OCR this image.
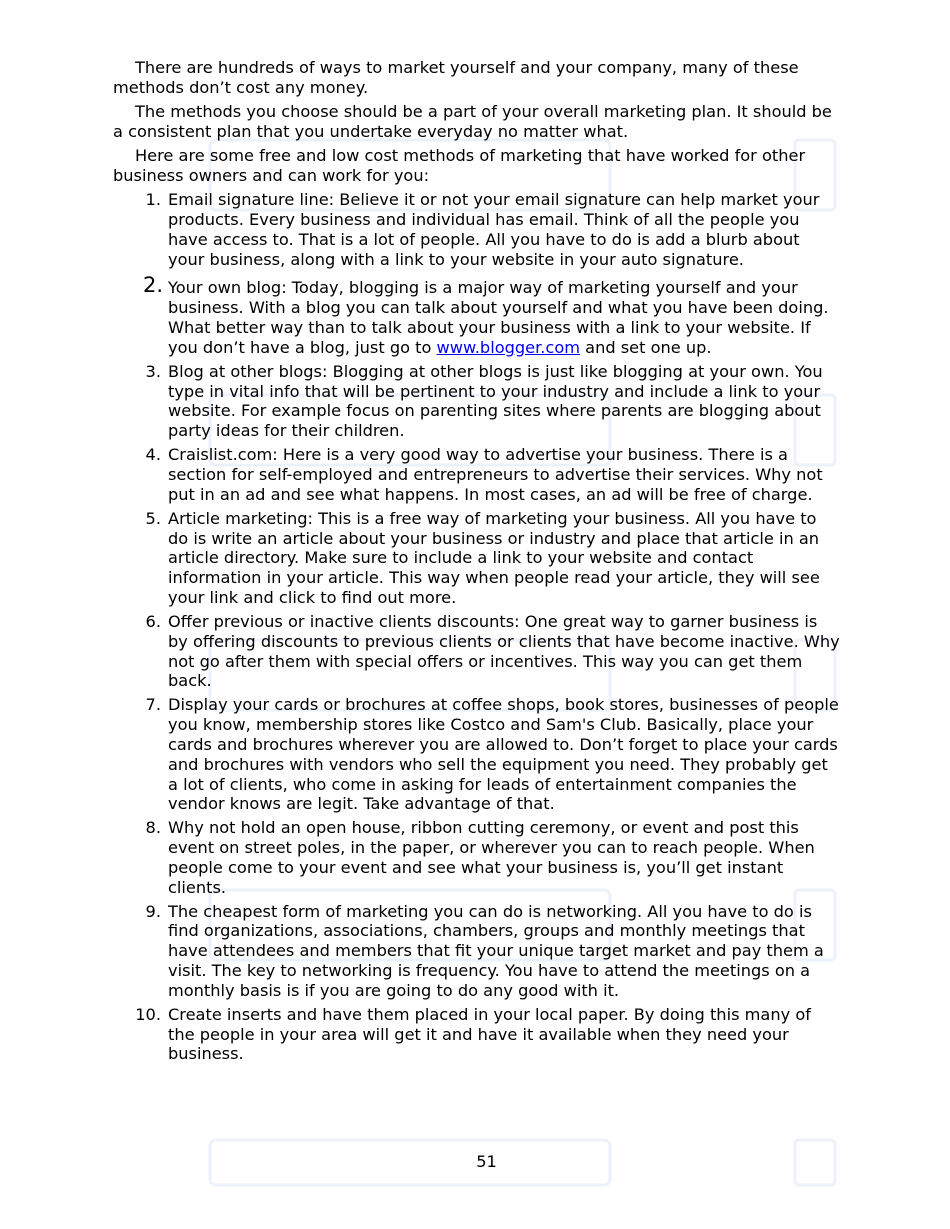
There are hundreds of ways to market yourself and your company, many of these methods don’t cost any money.

The methods you choose should be a part of your overall marketing plan. It should be a consistent plan that you undertake everyday no matter what.

Here are some free and low cost methods of marketing that have worked for other business owners and can work for you:

1. Email signature line: Believe it or not your email signature can help market your products. Every business and individual has email. Think of all the people you have access to. That is a lot of people. All you have to do is add a blurb about your business, along with a link to your website in your auto signature.
2. Your own blog: Today, blogging is a major way of marketing yourself and your business. With a blog you can talk about yourself and what you have been doing. What better way than to talk about your business with a link to your website. If you don’t have a blog, just go to www.blogger.com and set one up.
3. Blog at other blogs: Blogging at other blogs is just like blogging at your own. You type in vital info that will be pertinent to your industry and include a link to your website. For example focus on parenting sites where parents are blogging about party ideas for their children.
4. Craislist.com: Here is a very good way to advertise your business. There is a section for self-employed and entrepreneurs to advertise their services. Why not put in an ad and see what happens. In most cases, an ad will be free of charge.
5. Article marketing: This is a free way of marketing your business. All you have to do is write an article about your business or industry and place that article in an article directory. Make sure to include a link to your website and contact information in your article. This way when people read your article, they will see your link and click to find out more.
6. Offer previous or inactive clients discounts: One great way to garner business is by offering discounts to previous clients or clients that have become inactive. Why not go after them with special offers or incentives. This way you can get them back.
7. Display your cards or brochures at coffee shops, book stores, businesses of people you know, membership stores like Costco and Sam's Club. Basically, place your cards and brochures wherever you are allowed to. Don’t forget to place your cards and brochures with vendors who sell the equipment you need. They probably get a lot of clients, who come in asking for leads of entertainment companies the vendor knows are legit. Take advantage of that.
8. Why not hold an open house, ribbon cutting ceremony, or event and post this event on street poles, in the paper, or wherever you can to reach people. When people come to your event and see what your business is, you’ll get instant clients.
9. The cheapest form of marketing you can do is networking. All you have to do is find organizations, associations, chambers, groups and monthly meetings that have attendees and members that fit your unique target market and pay them a visit. The key to networking is frequency. You have to attend the meetings on a monthly basis is if you are going to do any good with it.
10. Create inserts and have them placed in your local paper. By doing this many of the people in your area will get it and have it available when they need your business.
51
